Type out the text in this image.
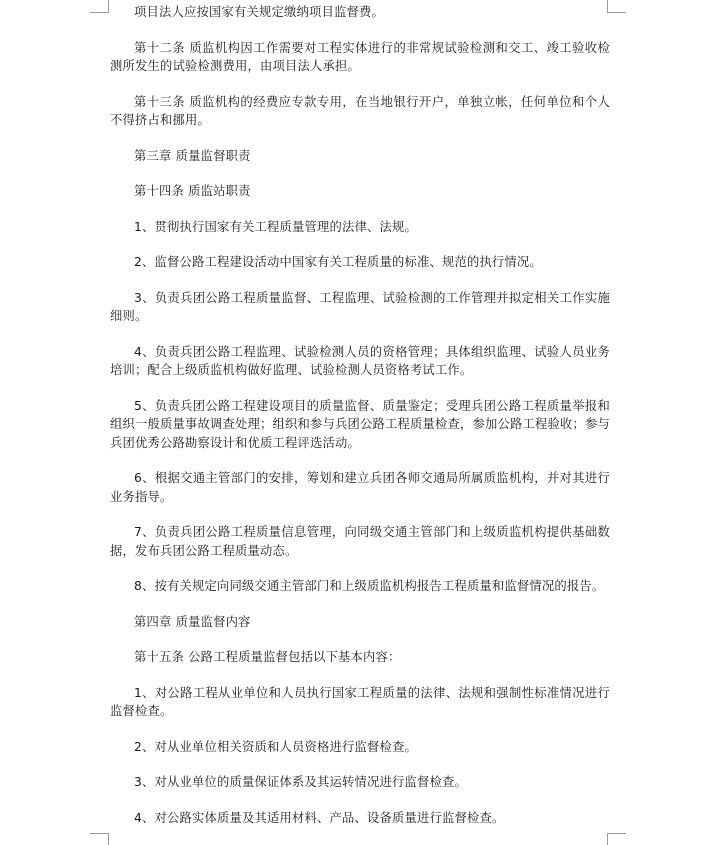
项目法人应按国家有关规定缴纳项目监督费。

第十二条 质监机构因工作需要对工程实体进行的非常规试验检测和交工、竣工验收检测所发生的试验检测费用，由项目法人承担。

第十三条 质监机构的经费应专款专用，在当地银行开户，单独立帐，任何单位和个人不得挤占和挪用。

第三章 质量监督职责

第十四条 质监站职责

1、贯彻执行国家有关工程质量管理的法律、法规。

2、监督公路工程建设活动中国家有关工程质量的标准、规范的执行情况。

3、负责兵团公路工程质量监督、工程监理、试验检测的工作管理并拟定相关工作实施细则。

4、负责兵团公路工程监理、试验检测人员的资格管理；具体组织监理、试验人员业务培训；配合上级质监机构做好监理、试验检测人员资格考试工作。

5、负责兵团公路工程建设项目的质量监督、质量鉴定；受理兵团公路工程质量举报和组织一般质量事故调查处理；组织和参与兵团公路工程质量检查，参加公路工程验收；参与兵团优秀公路勘察设计和优质工程评选活动。

6、根据交通主管部门的安排，筹划和建立兵团各师交通局所属质监机构，并对其进行业务指导。

7、负责兵团公路工程质量信息管理，向同级交通主管部门和上级质监机构提供基础数据，发布兵团公路工程质量动态。

8、按有关规定向同级交通主管部门和上级质监机构报告工程质量和监督情况的报告。

第四章 质量监督内容

第十五条 公路工程质量监督包括以下基本内容：

1、对公路工程从业单位和人员执行国家工程质量的法律、法规和强制性标准情况进行监督检查。

2、对从业单位相关资质和人员资格进行监督检查。

3、对从业单位的质量保证体系及其运转情况进行监督检查。

4、对公路实体质量及其适用材料、产品、设备质量进行监督检查。
